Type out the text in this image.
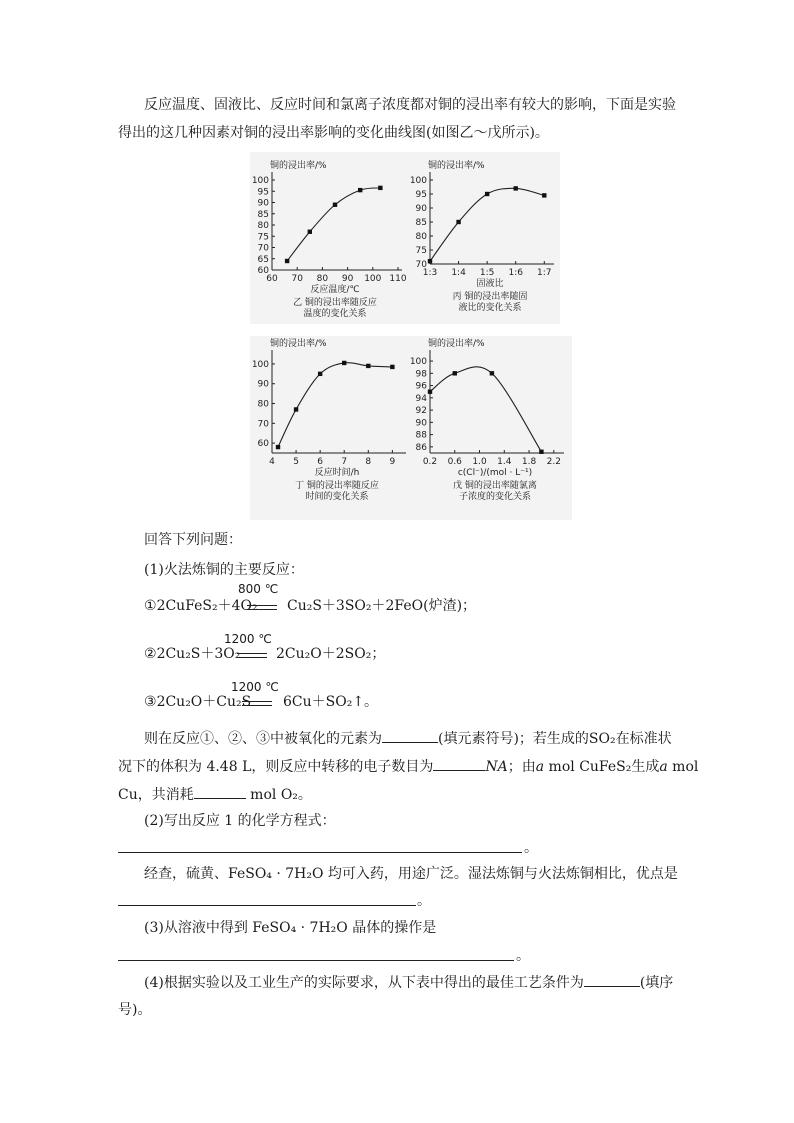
反应温度、固液比、反应时间和氯离子浓度都对铜的浸出率有较大的影响，下面是实验
得出的这几种因素对铜的浸出率影响的变化曲线图(如图乙～戊所示)。
铜的浸出率/%
60
65
70
75
80
85
90
95
100
60 70 80 90 100 110
反应温度/℃
乙 铜的浸出率随反应
温度的变化关系
铜的浸出率/%
70
75
80
85
90
95
100
1:3 1:4 1:5 1:6 1:7
固液比
丙 铜的浸出率随固
液比的变化关系
铜的浸出率/%
60
70
80
90
100
4 5 6 7 8 9
反应时间/h
丁 铜的浸出率随反应
时间的变化关系
铜的浸出率/%
86
88
90
92
94
96
98
100
0.2 0.6 1.0 1.4 1.8 2.2
c(Cl⁻)/(mol · L⁻¹)
戊 铜的浸出率随氯离
子浓度的变化关系
回答下列问题：
(1)火法炼铜的主要反应：
800 ℃
①2CuFeS₂＋4O₂ Cu₂S＋3SO₂＋2FeO(炉渣)；
1200 ℃
②2Cu₂S＋3O₂	2Cu₂O＋2SO₂；
1200 ℃
③2Cu₂O＋Cu₂S 6Cu＋SO₂↑。
则在反应①、②、③中被氧化的元素为	(填元素符号)；若生成的SO₂在标准状
况下的体积为 4.48 L，则反应中转移的电子数目为	NA；由a mol CuFeS₂生成a mol
Cu，共消耗	mol O₂。
(2)写出反应 1 的化学方程式：
。
经查，硫黄、FeSO₄ · 7H₂O 均可入药，用途广泛。湿法炼铜与火法炼铜相比，优点是
。
(3)从溶液中得到 FeSO₄ · 7H₂O 晶体的操作是
。
(4)根据实验以及工业生产的实际要求，从下表中得出的最佳工艺条件为	(填序
号)。
